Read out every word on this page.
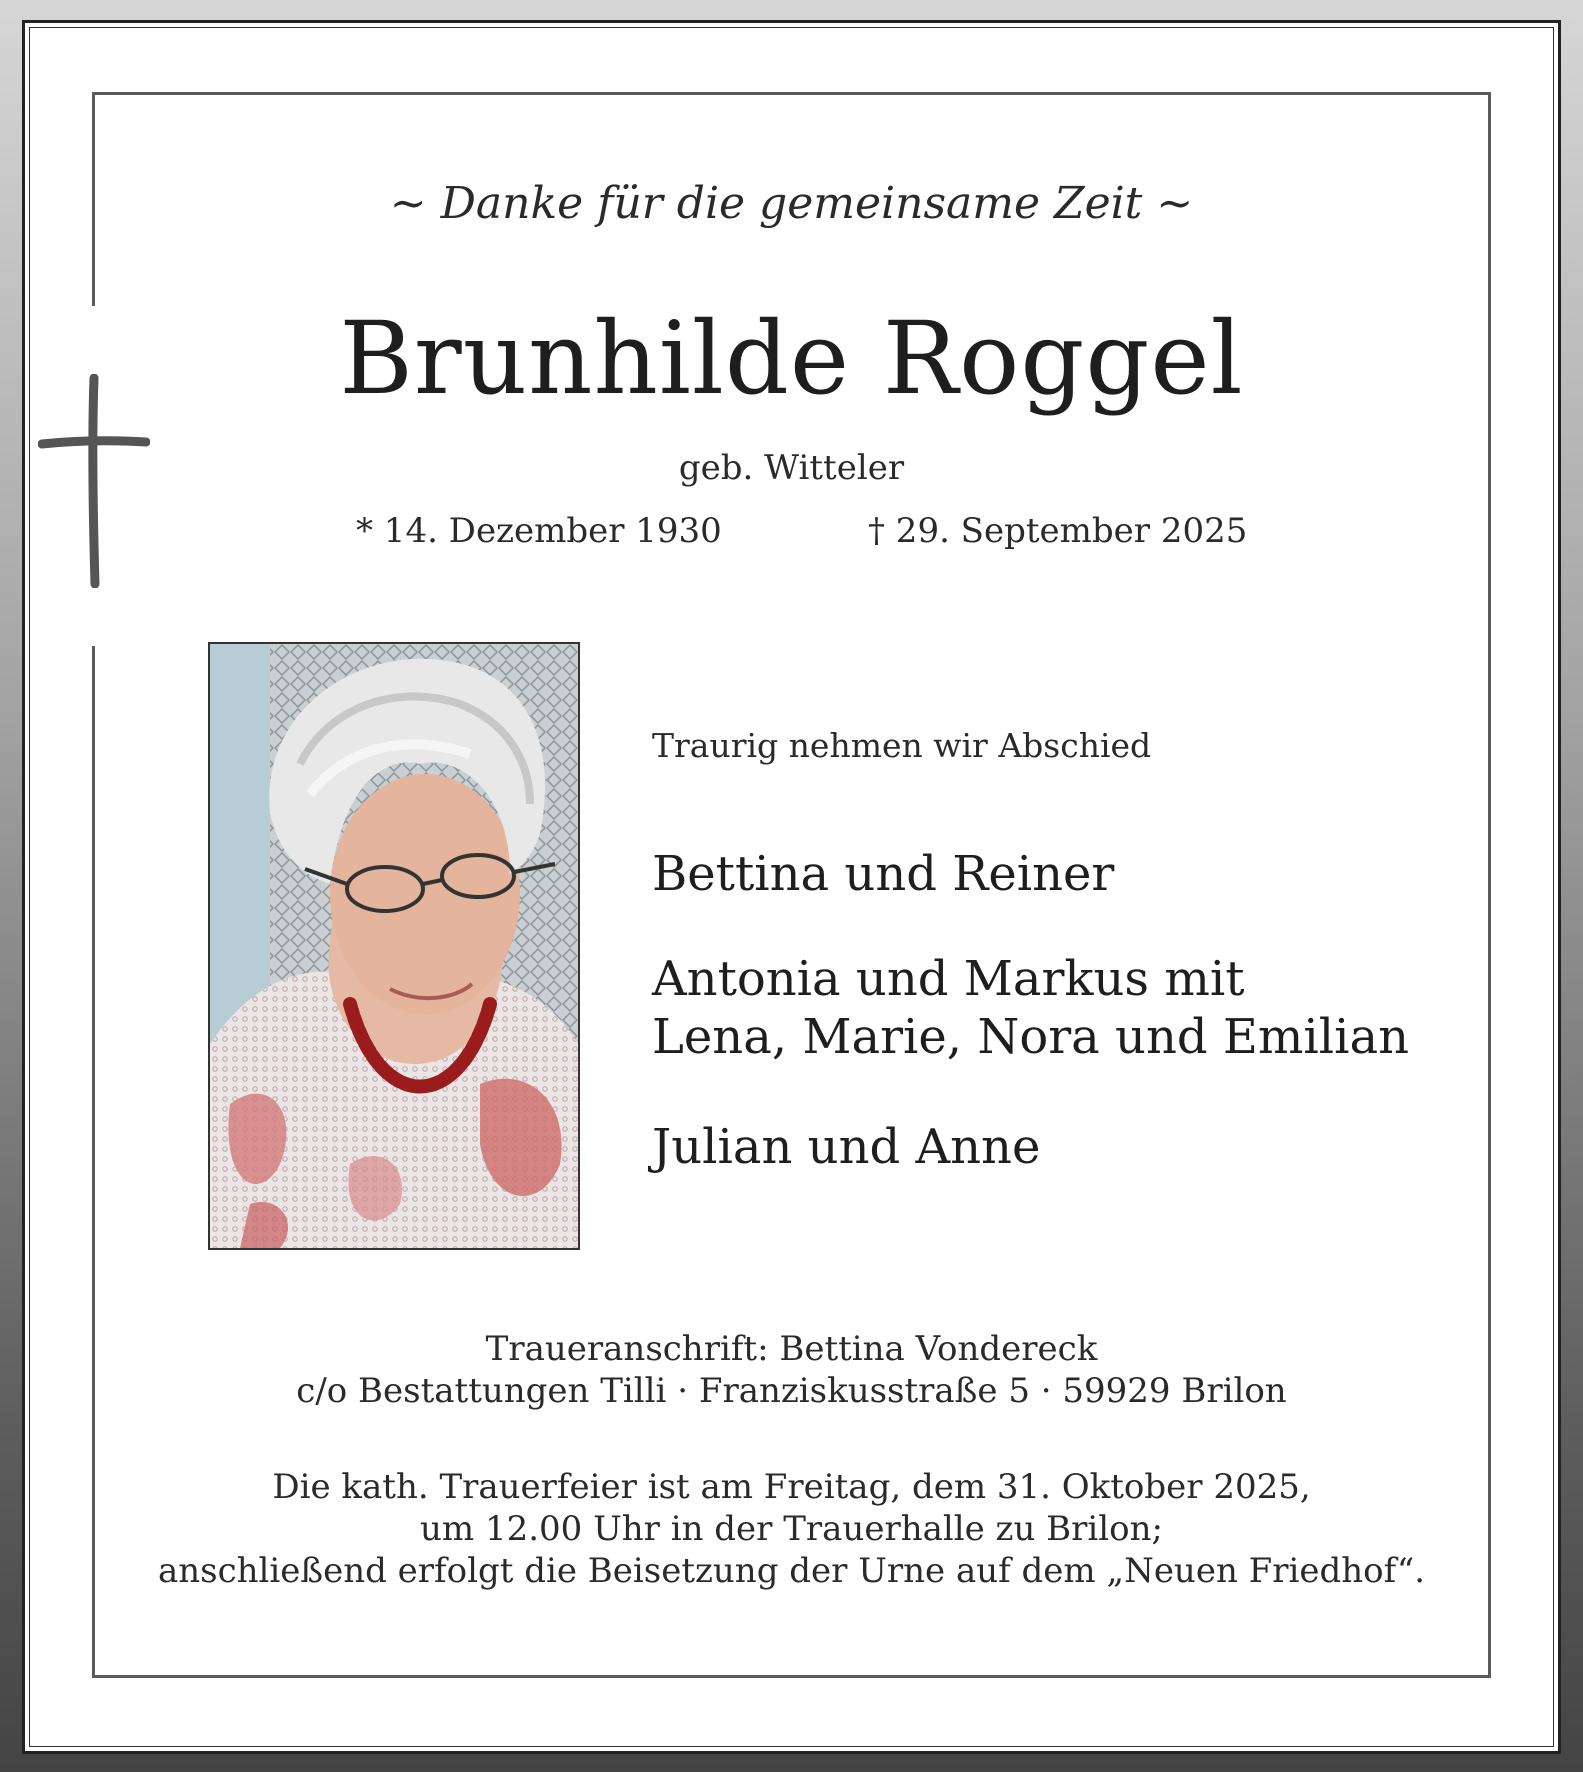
~ Danke für die gemeinsame Zeit ~
Brunhilde Roggel
geb. Witteler
* 14. Dezember 1930	† 29. September 2025
Traurig nehmen wir Abschied
Bettina und Reiner
Antonia und Markus mit
Lena, Marie, Nora und Emilian
Julian und Anne
Traueranschrift: Bettina Vondereck
c/o Bestattungen Tilli · Franziskusstraße 5 · 59929 Brilon
Die kath. Trauerfeier ist am Freitag, dem 31. Oktober 2025,
um 12.00 Uhr in der Trauerhalle zu Brilon;
anschließend erfolgt die Beisetzung der Urne auf dem „Neuen Friedhof“.
